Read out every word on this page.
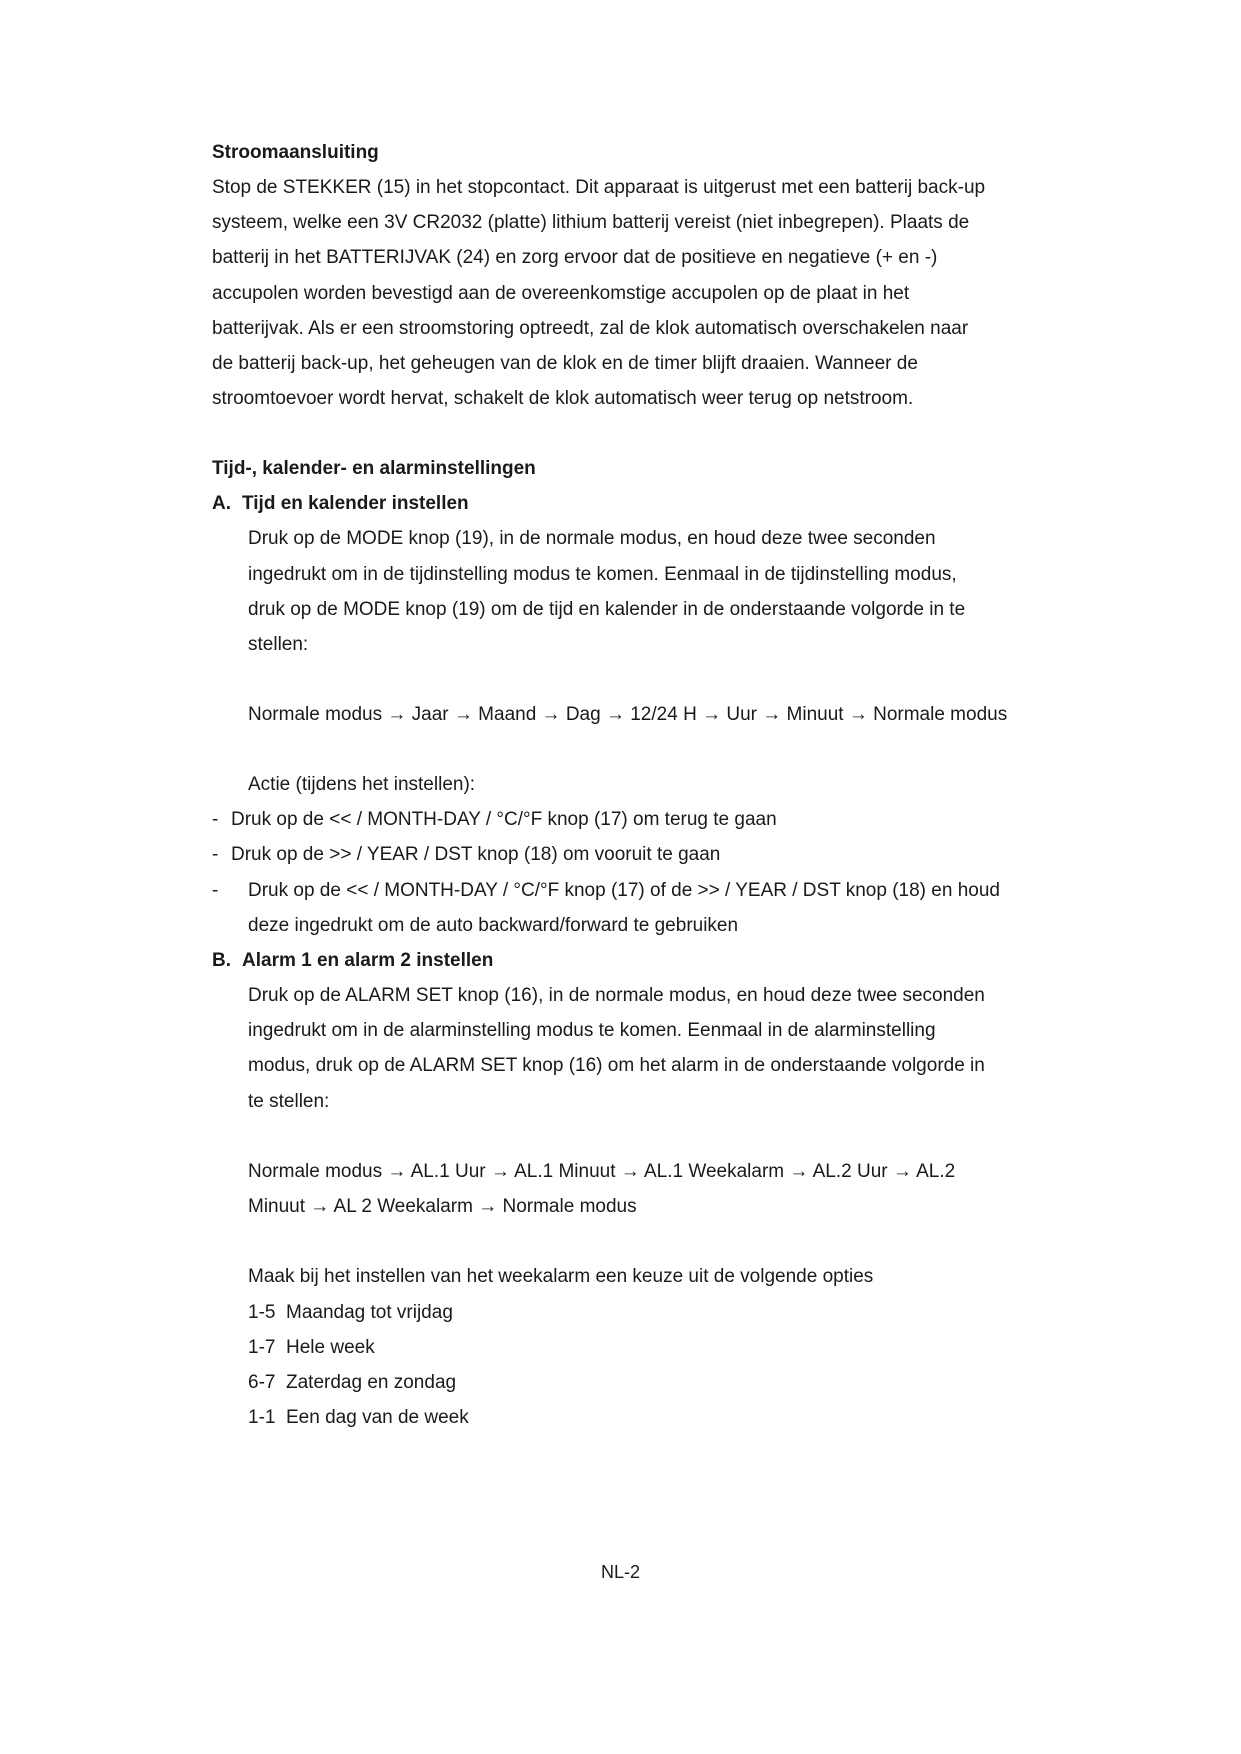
Stroomaansluiting
Stop de STEKKER (15) in het stopcontact. Dit apparaat is uitgerust met een batterij back-up
systeem, welke een 3V CR2032 (platte) lithium batterij vereist (niet inbegrepen). Plaats de
batterij in het BATTERIJVAK (24) en zorg ervoor dat de positieve en negatieve (+ en -)
accupolen worden bevestigd aan de overeenkomstige accupolen op de plaat in het
batterijvak. Als er een stroomstoring optreedt, zal de klok automatisch overschakelen naar
de batterij back-up, het geheugen van de klok en de timer blijft draaien. Wanneer de
stroomtoevoer wordt hervat, schakelt de klok automatisch weer terug op netstroom.
Tijd-, kalender- en alarminstellingen
A. Tijd en kalender instellen
Druk op de MODE knop (19), in de normale modus, en houd deze twee seconden
ingedrukt om in de tijdinstelling modus te komen. Eenmaal in de tijdinstelling modus,
druk op de MODE knop (19) om de tijd en kalender in de onderstaande volgorde in te
stellen:
Normale modus → Jaar → Maand → Dag → 12/24 H → Uur → Minuut → Normale modus
Actie (tijdens het instellen):
- Druk op de << / MONTH-DAY / °C/°F knop (17) om terug te gaan
- Druk op de >> / YEAR / DST knop (18) om vooruit te gaan
- Druk op de << / MONTH-DAY / °C/°F knop (17) of de >> / YEAR / DST knop (18) en houd
deze ingedrukt om de auto backward/forward te gebruiken
B. Alarm 1 en alarm 2 instellen
Druk op de ALARM SET knop (16), in de normale modus, en houd deze twee seconden
ingedrukt om in de alarminstelling modus te komen. Eenmaal in de alarminstelling
modus, druk op de ALARM SET knop (16) om het alarm in de onderstaande volgorde in
te stellen:
Normale modus → AL.1 Uur → AL.1 Minuut → AL.1 Weekalarm → AL.2 Uur → AL.2
Minuut → AL 2 Weekalarm → Normale modus
Maak bij het instellen van het weekalarm een keuze uit de volgende opties
1-5 Maandag tot vrijdag
1-7 Hele week
6-7 Zaterdag en zondag
1-1 Een dag van de week
NL-2
